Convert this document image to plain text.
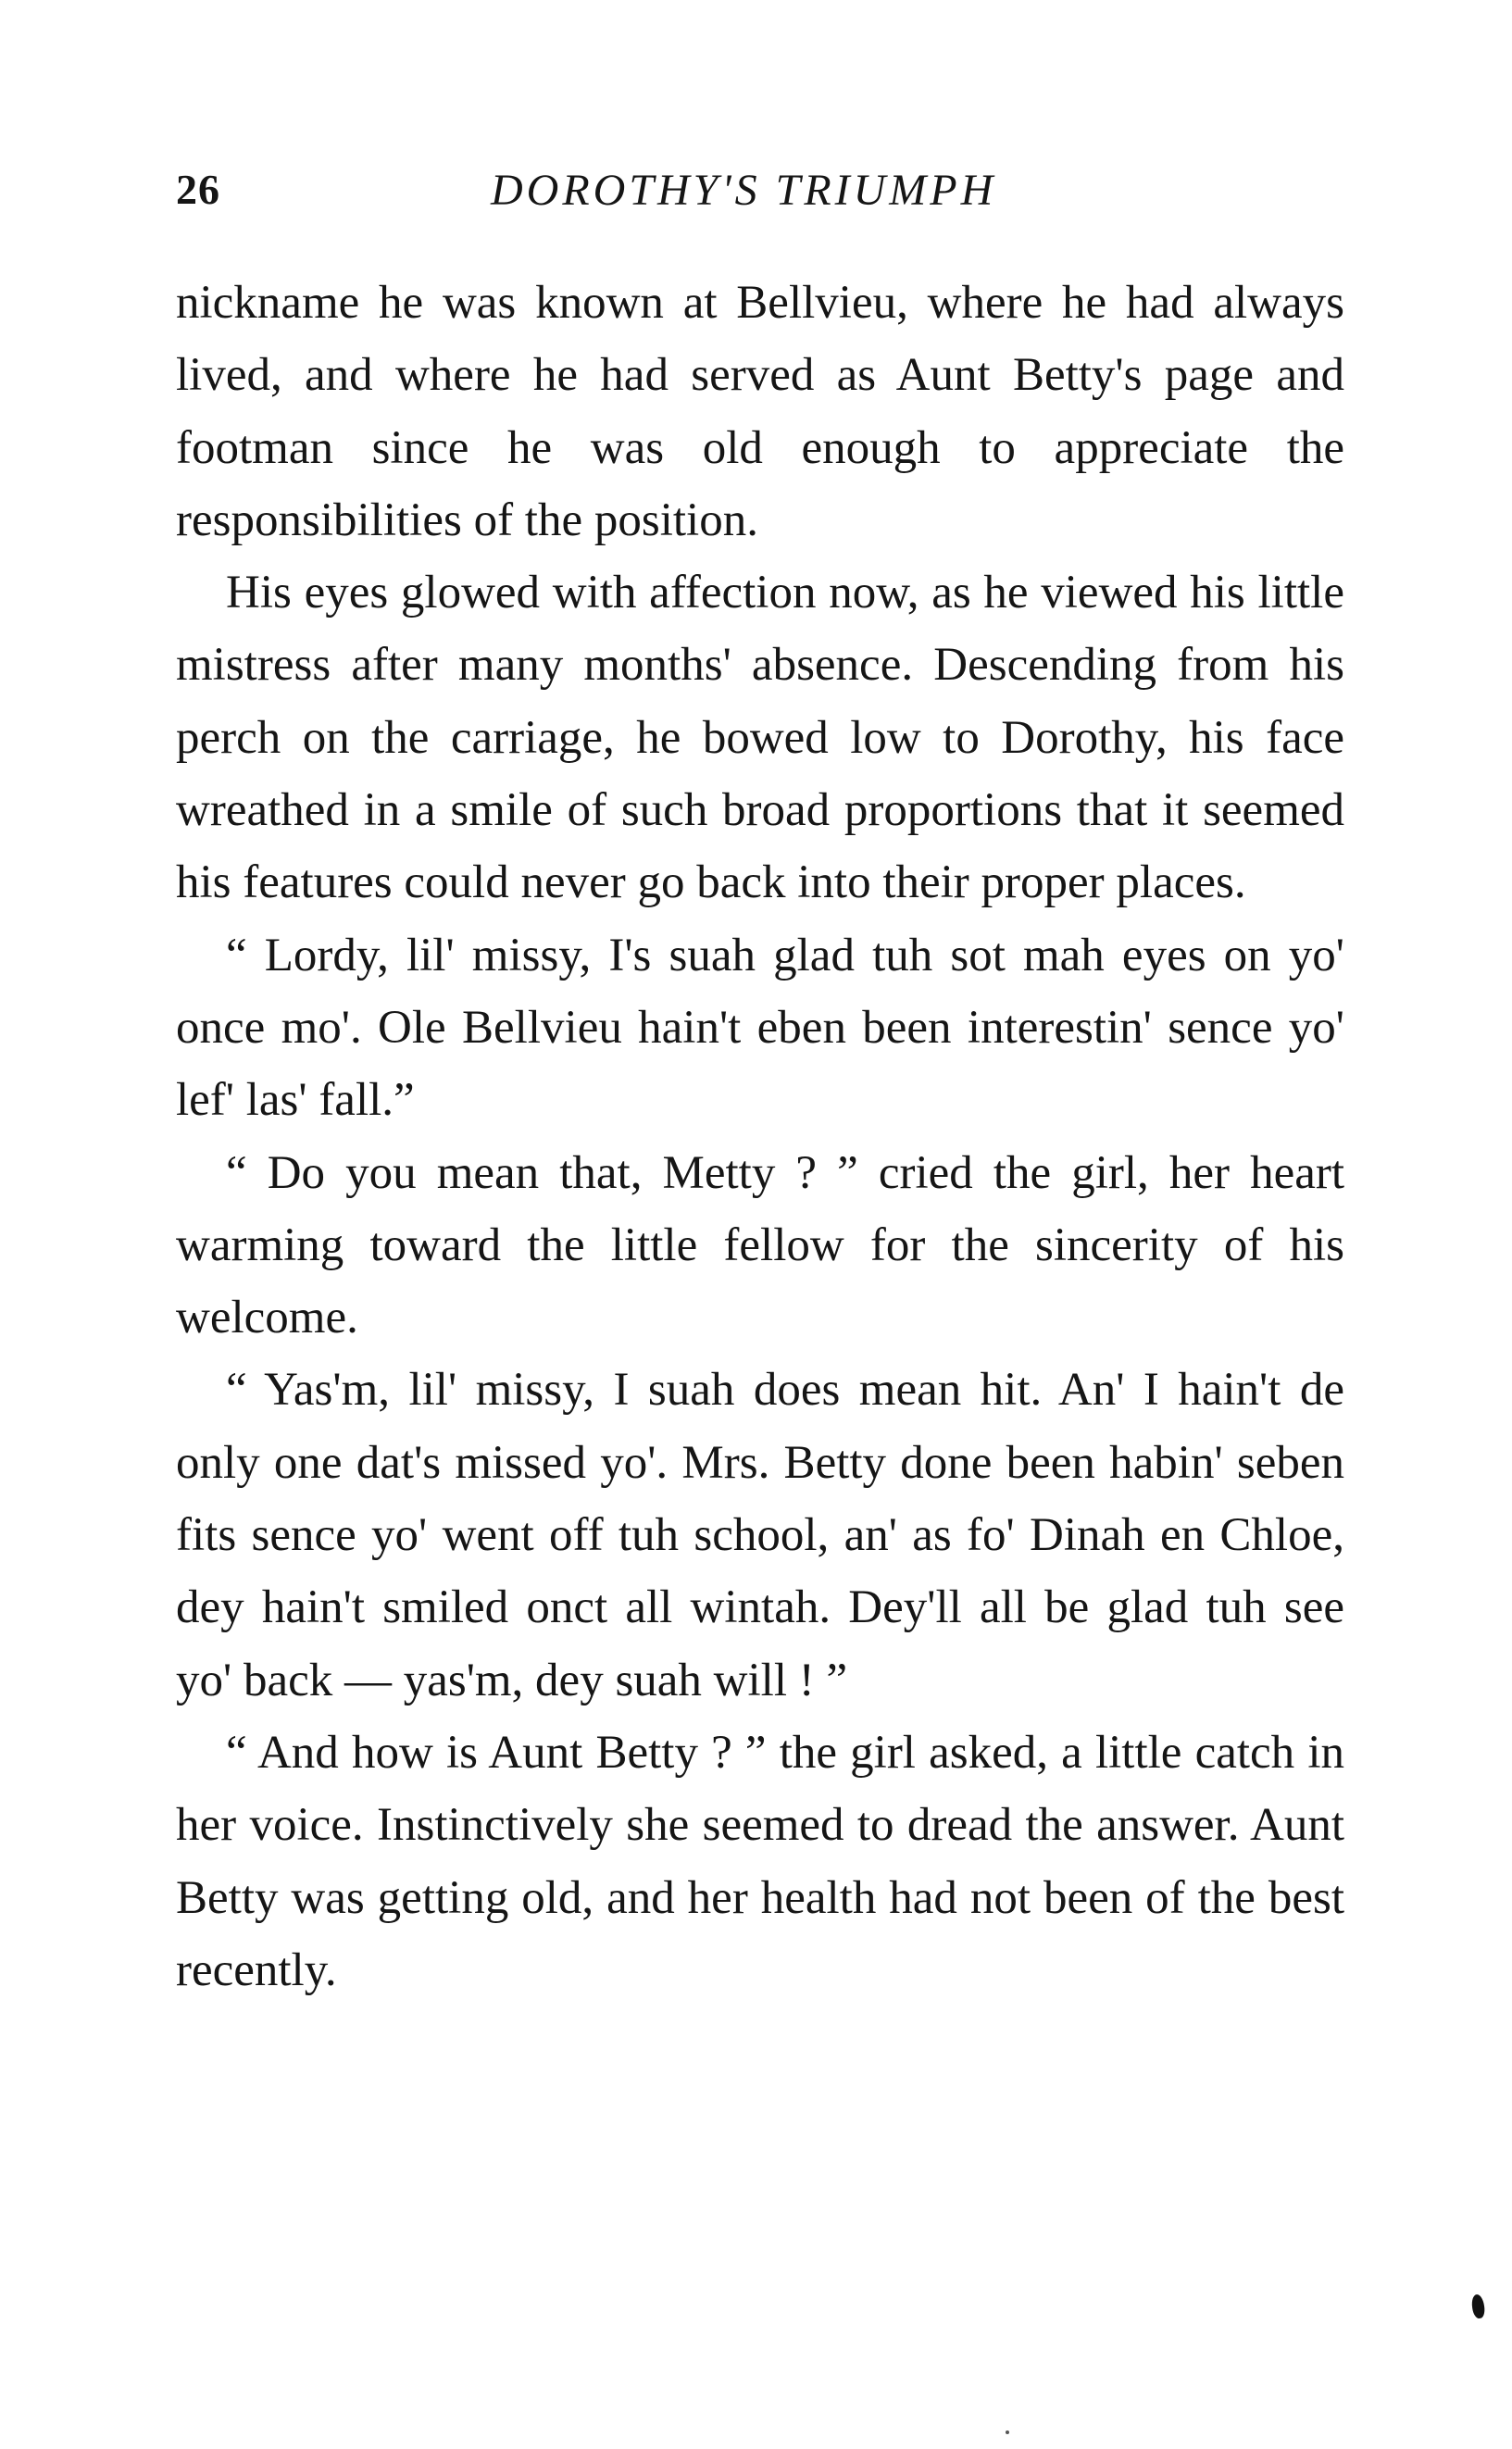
26	DOROTHY'S TRIUMPH

nickname he was known at Bellvieu, where he had always lived, and where he had served as Aunt Betty's page and footman since he was old enough to appreciate the responsibilities of the position.

His eyes glowed with affection now, as he viewed his little mistress after many months' absence. Descending from his perch on the carriage, he bowed low to Dorothy, his face wreathed in a smile of such broad proportions that it seemed his features could never go back into their proper places.

“ Lordy, lil' missy, I's suah glad tuh sot mah eyes on yo' once mo'. Ole Bellvieu hain't eben been interestin' sence yo' lef' las' fall.”

“ Do you mean that, Metty ? ” cried the girl, her heart warming toward the little fellow for the sincerity of his welcome.

“ Yas'm, lil' missy, I suah does mean hit. An' I hain't de only one dat's missed yo'. Mrs. Betty done been habin' seben fits sence yo' went off tuh school, an' as fo' Dinah en Chloe, dey hain't smiled onct all wintah. Dey'll all be glad tuh see yo' back — yas'm, dey suah will ! ”

“ And how is Aunt Betty ? ” the girl asked, a little catch in her voice. Instinctively she seemed to dread the answer. Aunt Betty was getting old, and her health had not been of the best recently.
